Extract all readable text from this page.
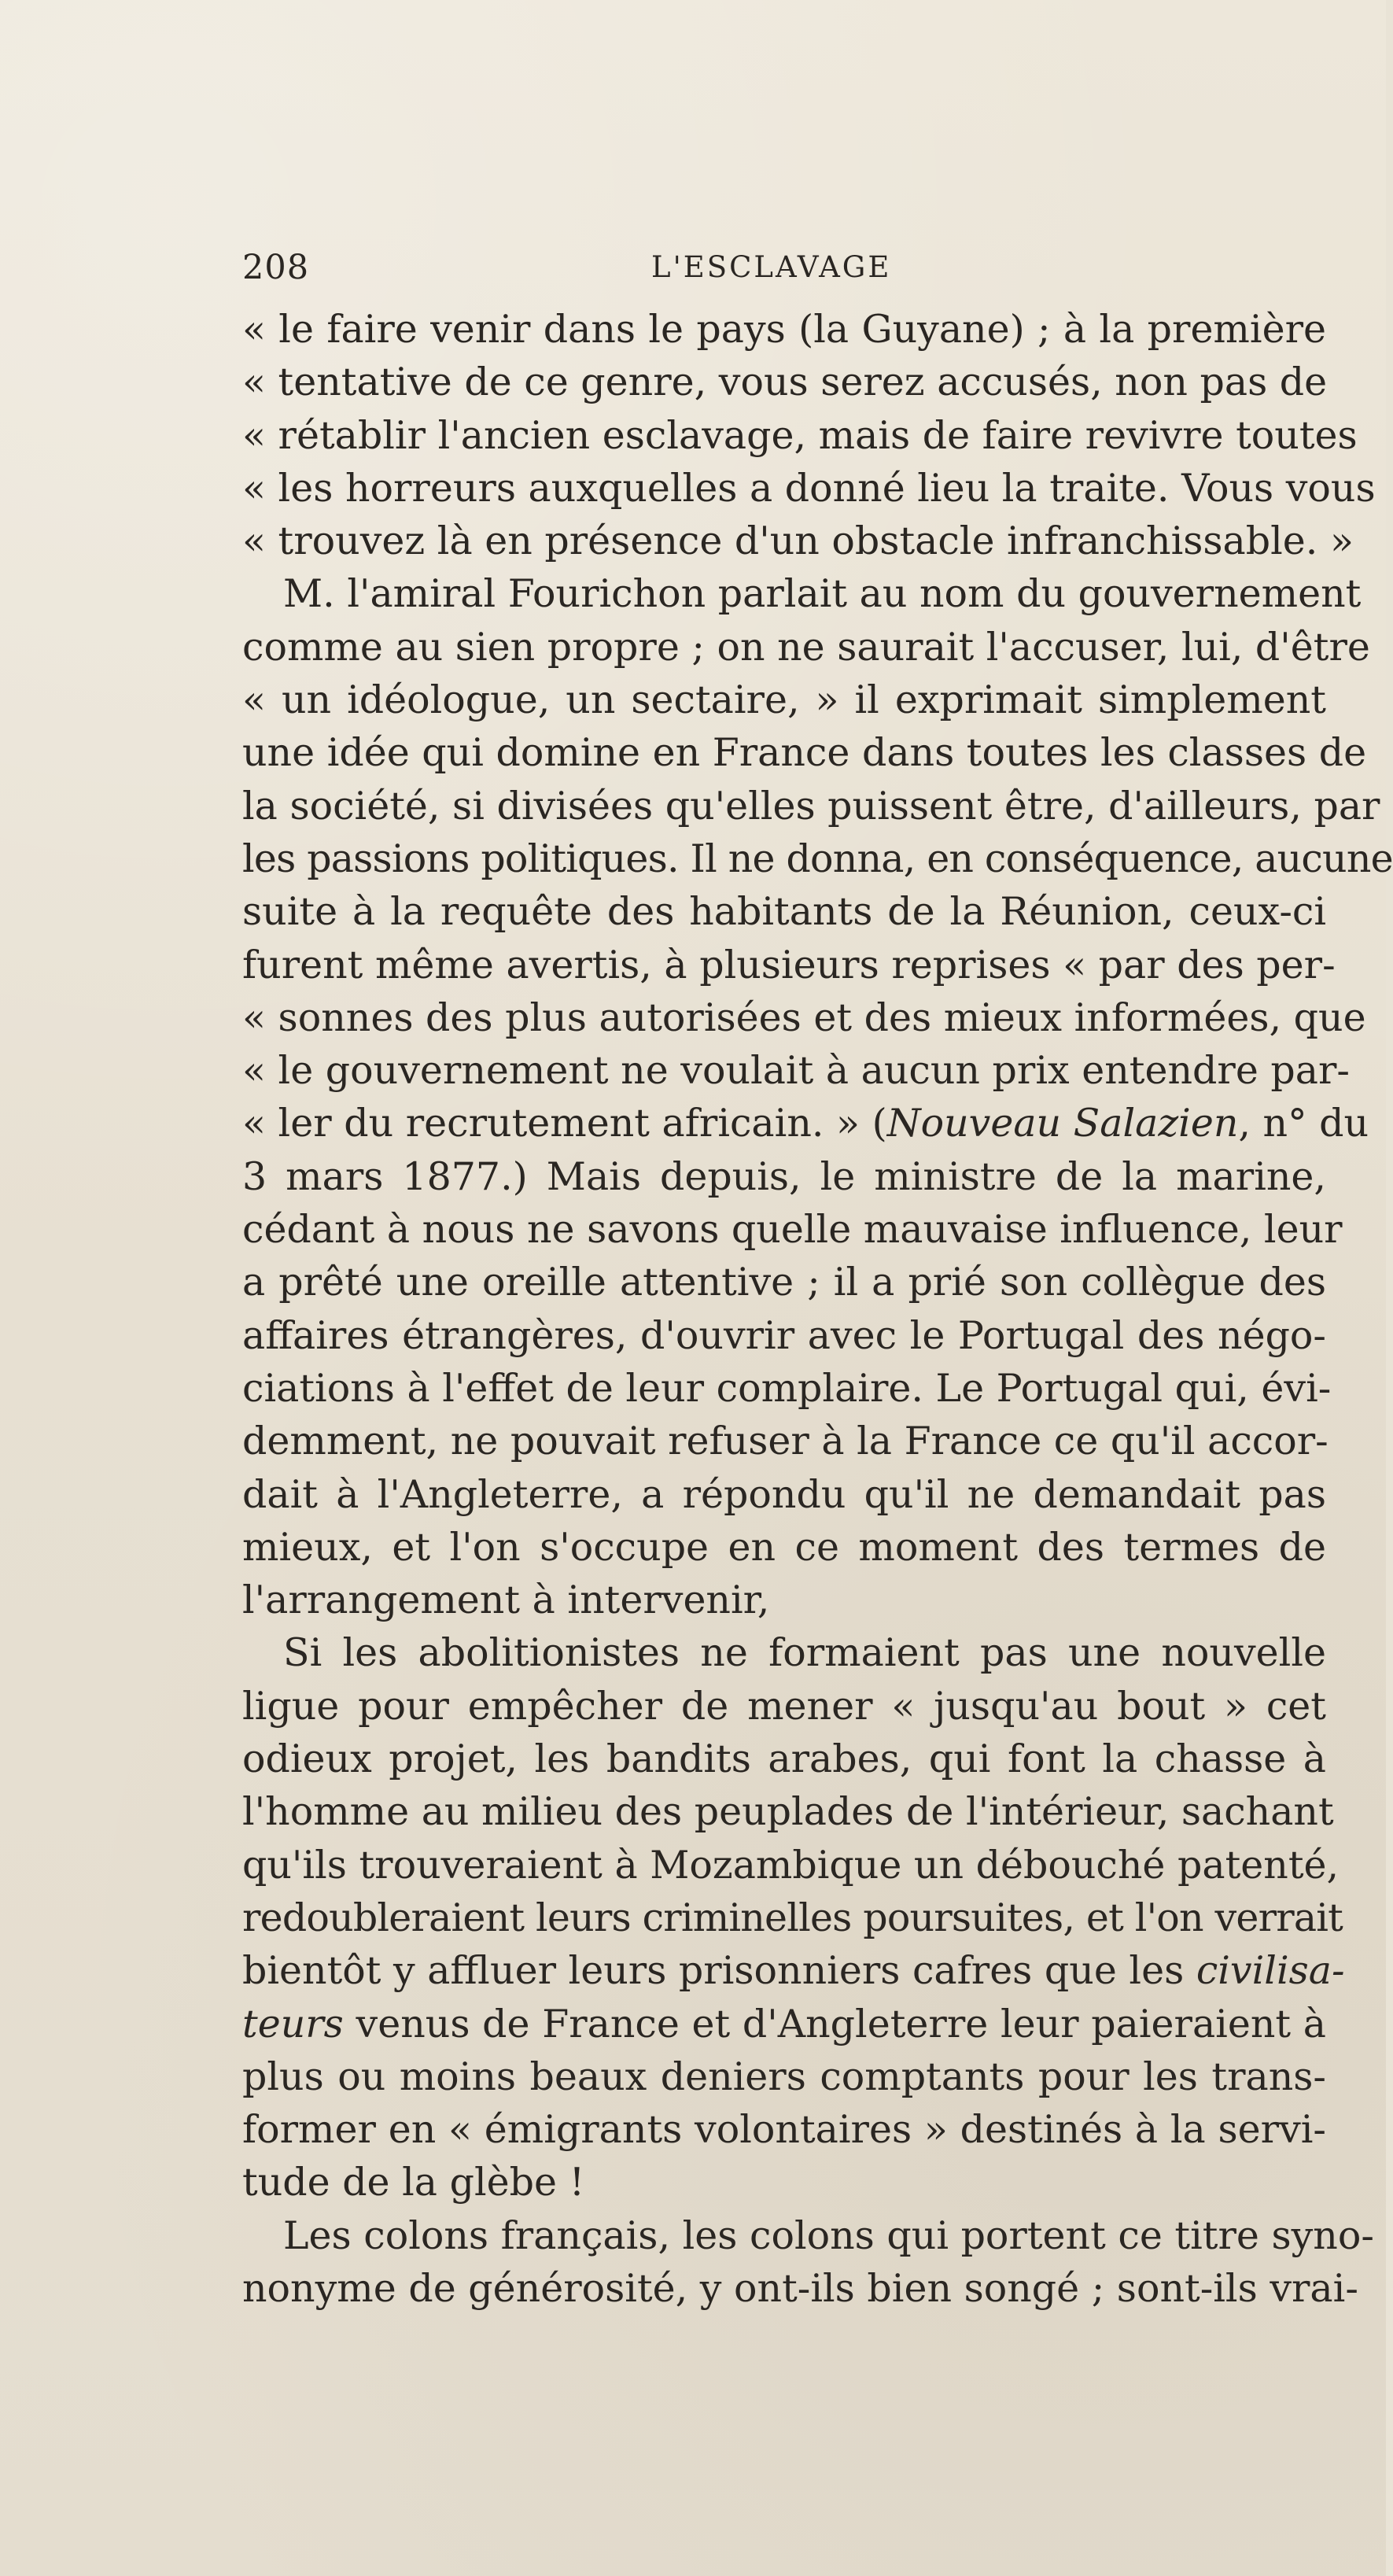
208	L'ESCLAVAGE
« le faire venir dans le pays (la Guyane) ; à la première
« tentative de ce genre, vous serez accusés, non pas de
« rétablir l'ancien esclavage, mais de faire revivre toutes
« les horreurs auxquelles a donné lieu la traite. Vous vous
« trouvez là en présence d'un obstacle infranchissable. »
M. l'amiral Fourichon parlait au nom du gouvernement
comme au sien propre ; on ne saurait l'accuser, lui, d'être
« un idéologue, un sectaire, » il exprimait simplement
une idée qui domine en France dans toutes les classes de
la société, si divisées qu'elles puissent être, d'ailleurs, par
les passions politiques. Il ne donna, en conséquence, aucune
suite à la requête des habitants de la Réunion, ceux-ci
furent même avertis, à plusieurs reprises « par des per-
« sonnes des plus autorisées et des mieux informées, que
« le gouvernement ne voulait à aucun prix entendre par-
« ler du recrutement africain. » (Nouveau Salazien, n° du
3 mars 1877.) Mais depuis, le ministre de la marine,
cédant à nous ne savons quelle mauvaise influence, leur
a prêté une oreille attentive ; il a prié son collègue des
affaires étrangères, d'ouvrir avec le Portugal des négo-
ciations à l'effet de leur complaire. Le Portugal qui, évi-
demment, ne pouvait refuser à la France ce qu'il accor-
dait à l'Angleterre, a répondu qu'il ne demandait pas
mieux, et l'on s'occupe en ce moment des termes de
l'arrangement à intervenir,
Si les abolitionistes ne formaient pas une nouvelle
ligue pour empêcher de mener « jusqu'au bout » cet
odieux projet, les bandits arabes, qui font la chasse à
l'homme au milieu des peuplades de l'intérieur, sachant
qu'ils trouveraient à Mozambique un débouché patenté,
redoubleraient leurs criminelles poursuites, et l'on verrait
bientôt y affluer leurs prisonniers cafres que les civilisa-
teurs venus de France et d'Angleterre leur paieraient à
plus ou moins beaux deniers comptants pour les trans-
former en « émigrants volontaires » destinés à la servi-
tude de la glèbe !
Les colons français, les colons qui portent ce titre syno-
nonyme de générosité, y ont-ils bien songé ; sont-ils vrai-
